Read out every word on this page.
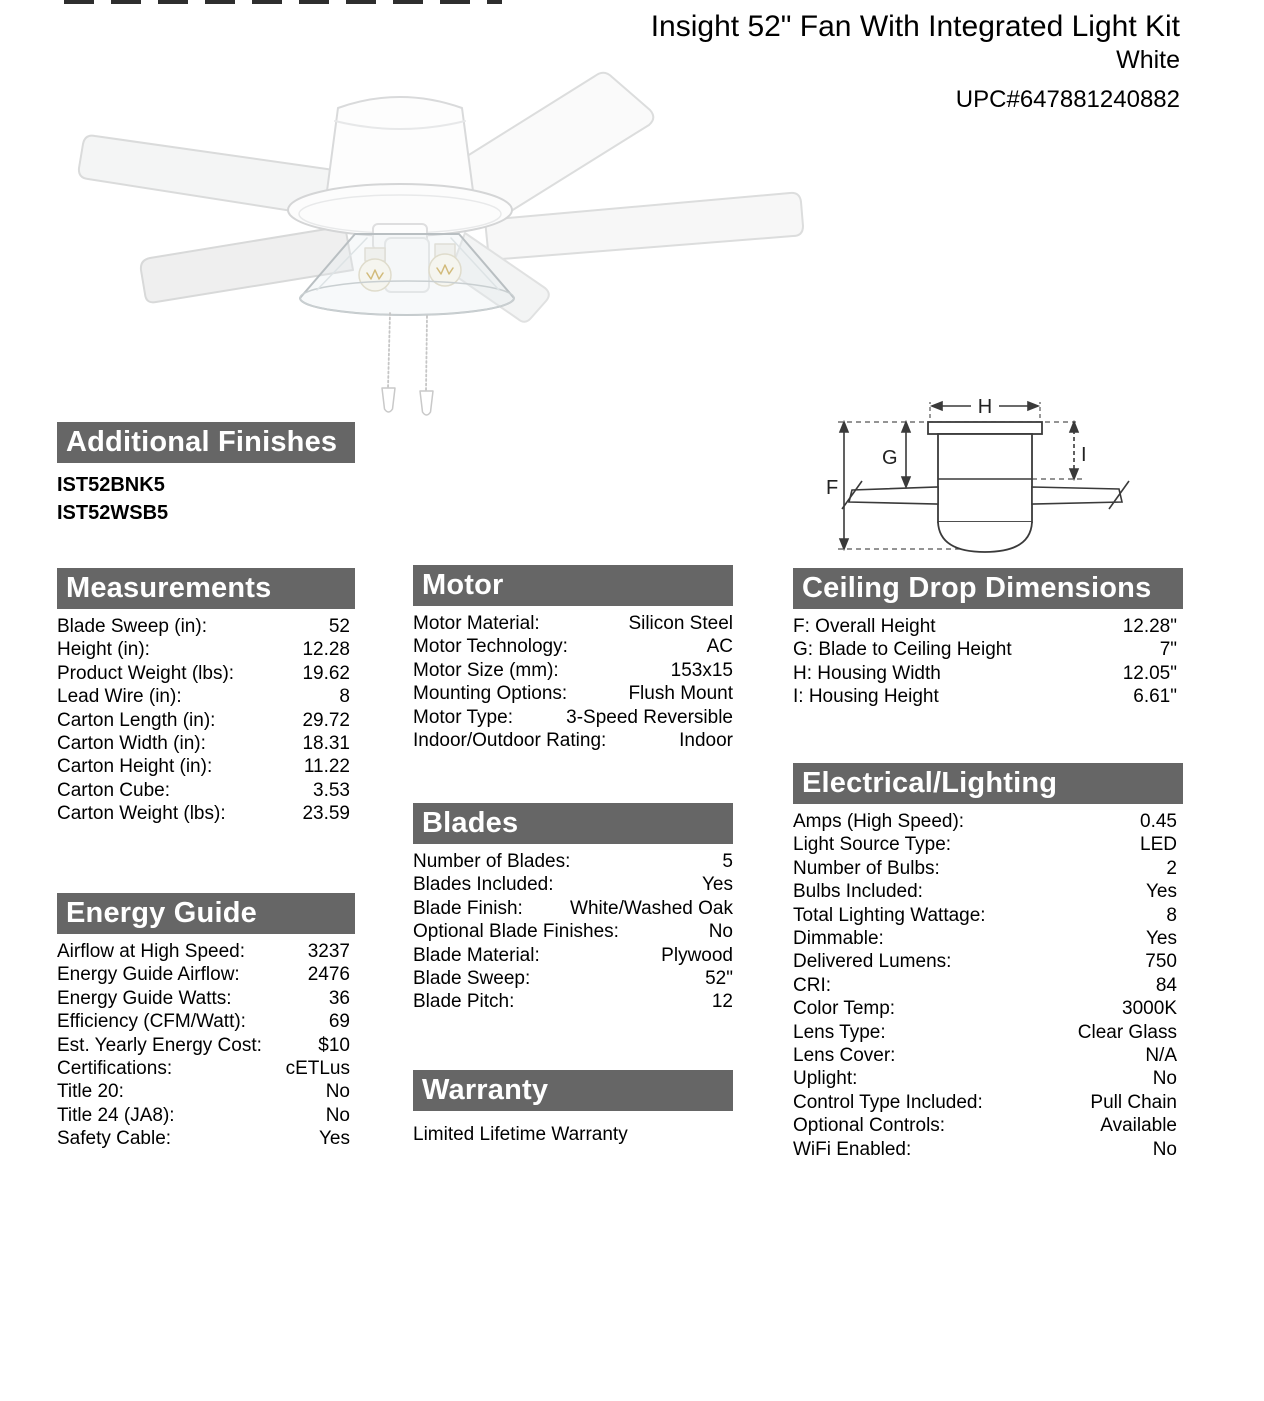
Insight 52" Fan With Integrated Light Kit
White
UPC#647881240882
H
F
G	I
Additional Finishes
IST52BNK5
IST52WSB5
Measurements
Blade Sweep (in):	52
Height (in):	12.28
Product Weight (lbs):	19.62
Lead Wire (in):	8
Carton Length (in):	29.72
Carton Width (in):	18.31
Carton Height (in):	11.22
Carton Cube:	3.53
Carton Weight (lbs):	23.59
Energy Guide
Airflow at High Speed:	3237
Energy Guide Airflow:	2476
Energy Guide Watts:	36
Efficiency (CFM/Watt):	69
Est. Yearly Energy Cost:	$10
Certifications:	cETLus
Title 20:	No
Title 24 (JA8):	No
Safety Cable:	Yes
Motor
Motor Material:	Silicon Steel
Motor Technology:	AC
Motor Size (mm):	153x15
Mounting Options:	Flush Mount
Motor Type:	3-Speed Reversible
Indoor/Outdoor Rating:	Indoor
Blades
Number of Blades:	5
Blades Included:	Yes
Blade Finish:	White/Washed Oak
Optional Blade Finishes:	No
Blade Material:	Plywood
Blade Sweep:	52"
Blade Pitch:	12
Warranty
Limited Lifetime Warranty
Ceiling Drop Dimensions
F: Overall Height	12.28"
G: Blade to Ceiling Height	7"
H: Housing Width	12.05"
I: Housing Height	6.61"
Electrical/Lighting
Amps (High Speed):	0.45
Light Source Type:	LED
Number of Bulbs:	2
Bulbs Included:	Yes
Total Lighting Wattage:	8
Dimmable:	Yes
Delivered Lumens:	750
CRI:	84
Color Temp:	3000K
Lens Type:	Clear Glass
Lens Cover:	N/A
Uplight:	No
Control Type Included:	Pull Chain
Optional Controls:	Available
WiFi Enabled:	No
